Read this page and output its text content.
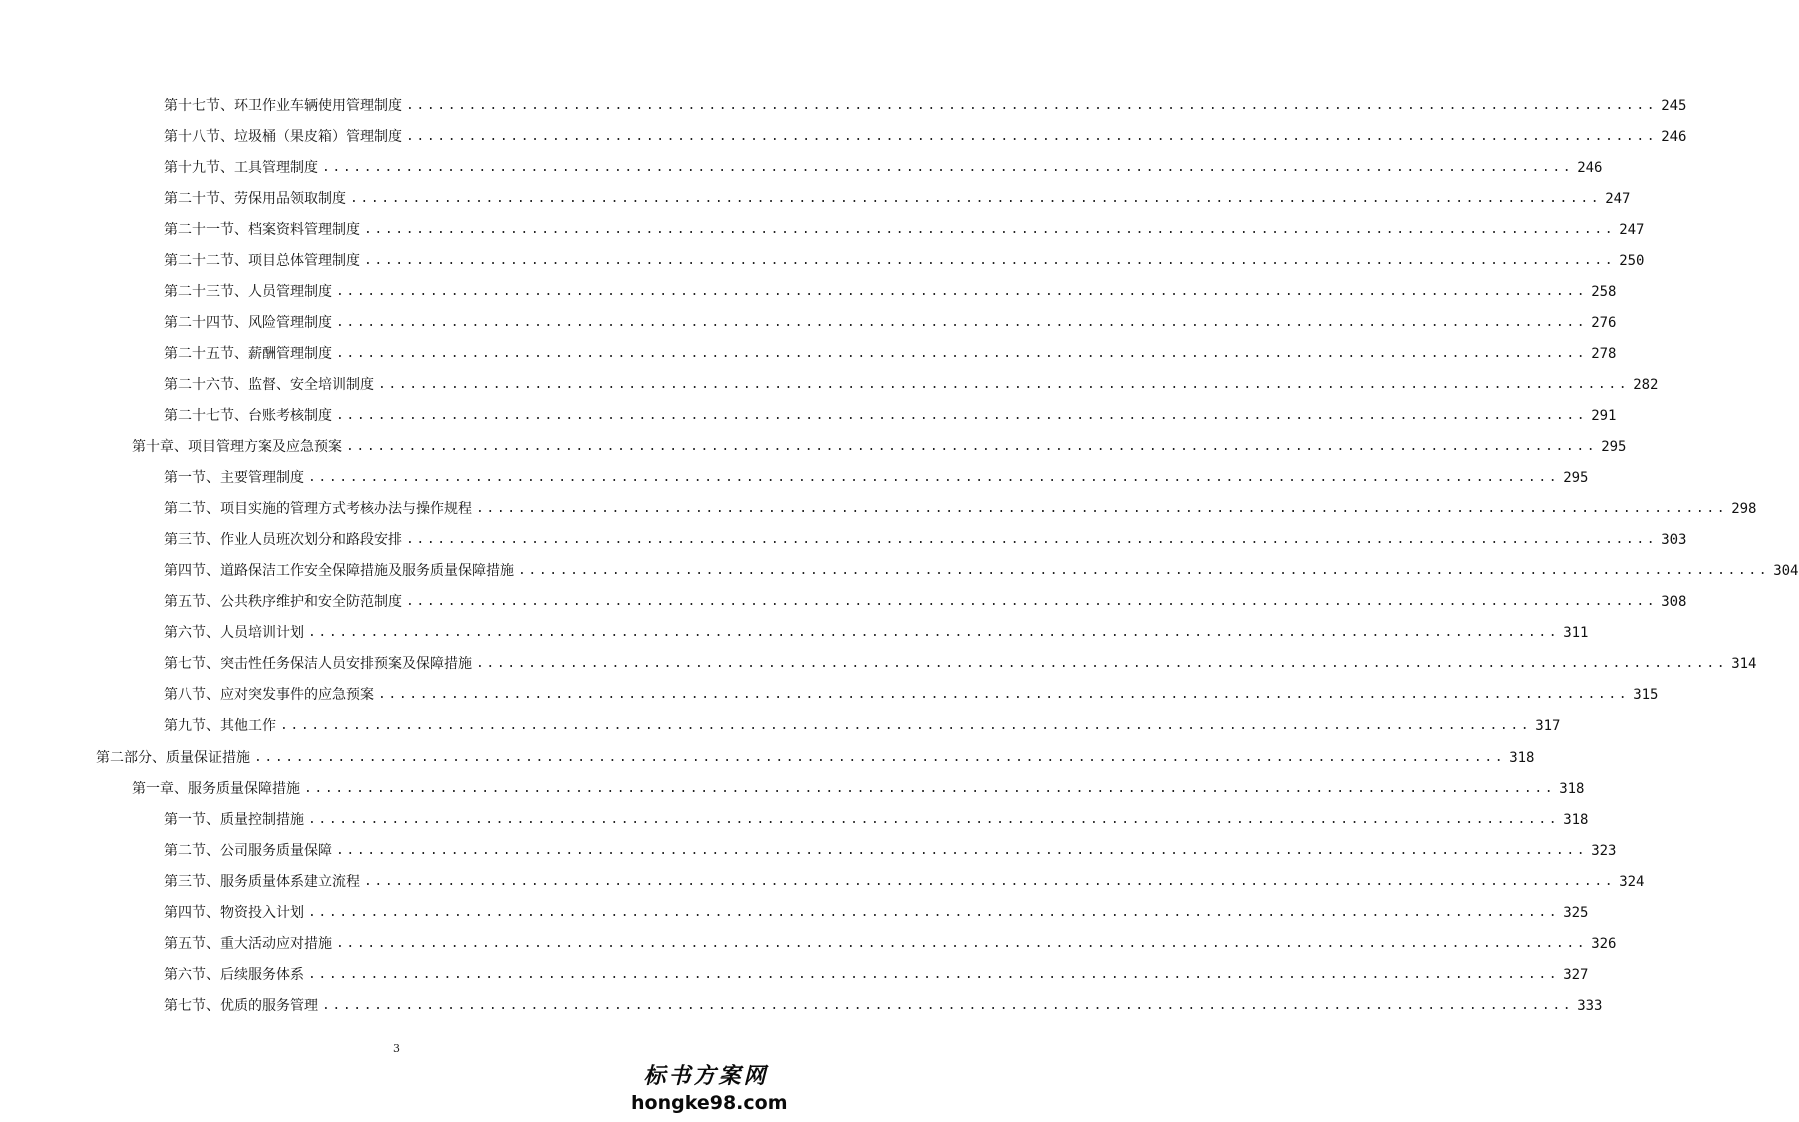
第十七节、环卫作业车辆使用管理制度 ........................................................................................................................ 245
第十八节、垃圾桶（果皮箱）管理制度 ........................................................................................................................ 246
第十九节、工具管理制度 ........................................................................................................................ 246
第二十节、劳保用品领取制度 ........................................................................................................................ 247
第二十一节、档案资料管理制度 ........................................................................................................................ 247
第二十二节、项目总体管理制度 ........................................................................................................................ 250
第二十三节、人员管理制度 ........................................................................................................................ 258
第二十四节、风险管理制度 ........................................................................................................................ 276
第二十五节、薪酬管理制度 ........................................................................................................................ 278
第二十六节、监督、安全培训制度 ........................................................................................................................ 282
第二十七节、台账考核制度 ........................................................................................................................ 291
第十章、项目管理方案及应急预案 ........................................................................................................................ 295
第一节、主要管理制度 ........................................................................................................................ 295
第二节、项目实施的管理方式考核办法与操作规程 ........................................................................................................................ 298
第三节、作业人员班次划分和路段安排 ........................................................................................................................ 303
第四节、道路保洁工作安全保障措施及服务质量保障措施 ........................................................................................................................ 304
第五节、公共秩序维护和安全防范制度 ........................................................................................................................ 308
第六节、人员培训计划 ........................................................................................................................ 311
第七节、突击性任务保洁人员安排预案及保障措施 ........................................................................................................................ 314
第八节、应对突发事件的应急预案 ........................................................................................................................ 315
第九节、其他工作 ........................................................................................................................ 317
第二部分、质量保证措施 ........................................................................................................................ 318
第一章、服务质量保障措施 ........................................................................................................................ 318
第一节、质量控制措施 ........................................................................................................................ 318
第二节、公司服务质量保障 ........................................................................................................................ 323
第三节、服务质量体系建立流程 ........................................................................................................................ 324
第四节、物资投入计划 ........................................................................................................................ 325
第五节、重大活动应对措施 ........................................................................................................................ 326
第六节、后续服务体系 ........................................................................................................................ 327
第七节、优质的服务管理 ........................................................................................................................ 333
3
标书方案网
hongke98.com
